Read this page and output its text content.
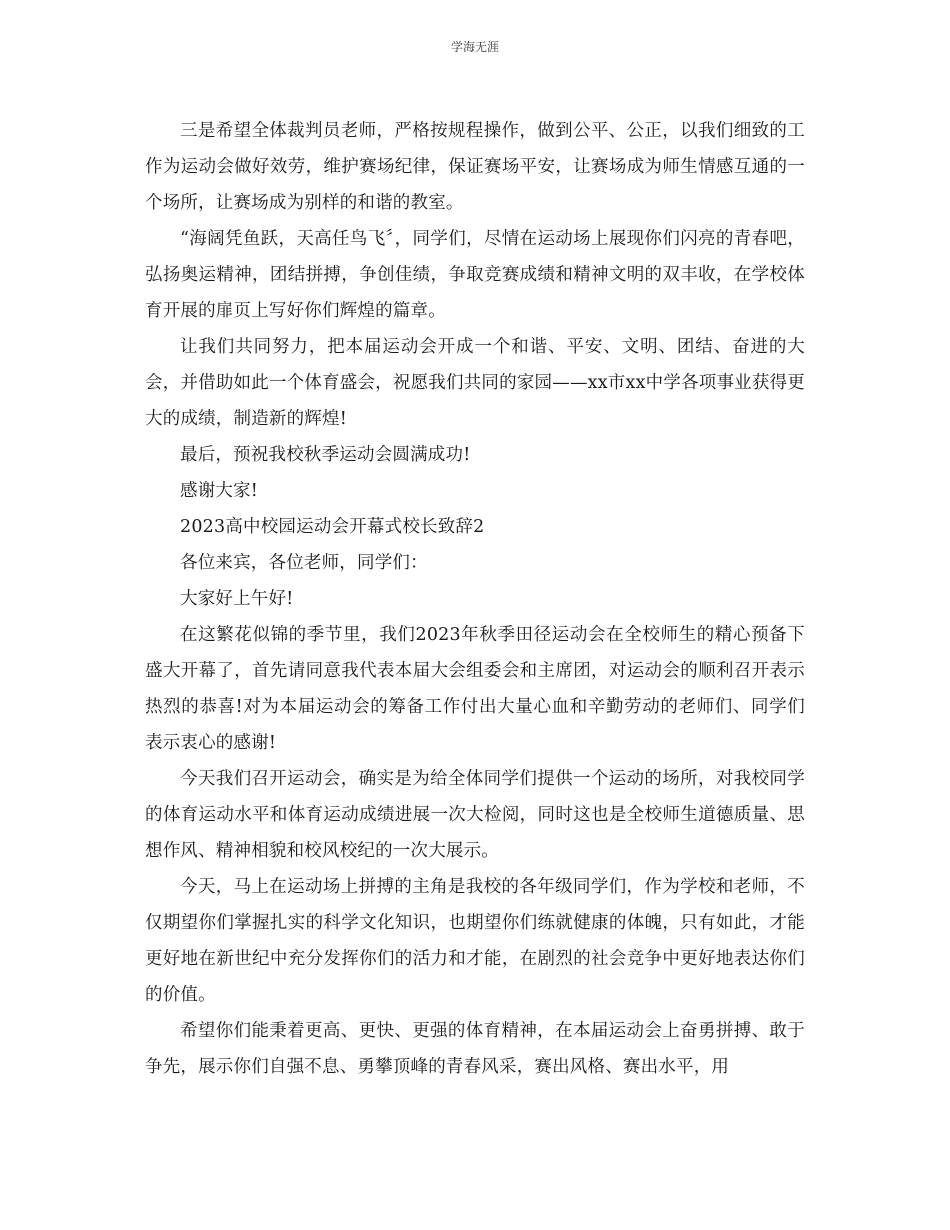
学海无涯

三是希望全体裁判员老师，严格按规程操作，做到公平、公正，以我们细致的工作为运动会做好效劳，维护赛场纪律，保证赛场平安，让赛场成为师生情感互通的一个场所，让赛场成为别样的和谐的教室。

“海阔凭鱼跃，天高任鸟飞〞，同学们，尽情在运动场上展现你们闪亮的青春吧，弘扬奥运精神，团结拼搏，争创佳绩，争取竞赛成绩和精神文明的双丰收，在学校体育开展的扉页上写好你们辉煌的篇章。

让我们共同努力，把本届运动会开成一个和谐、平安、文明、团结、奋进的大会，并借助如此一个体育盛会，祝愿我们共同的家园——xx市xx中学各项事业获得更大的成绩，制造新的辉煌!

最后，预祝我校秋季运动会圆满成功!

感谢大家!

2023高中校园运动会开幕式校长致辞2

各位来宾，各位老师，同学们：

大家好上午好!

在这繁花似锦的季节里，我们2023年秋季田径运动会在全校师生的精心预备下盛大开幕了，首先请同意我代表本届大会组委会和主席团，对运动会的顺利召开表示热烈的恭喜!对为本届运动会的筹备工作付出大量心血和辛勤劳动的老师们、同学们表示衷心的感谢!

今天我们召开运动会，确实是为给全体同学们提供一个运动的场所，对我校同学的体育运动水平和体育运动成绩进展一次大检阅，同时这也是全校师生道德质量、思想作风、精神相貌和校风校纪的一次大展示。

今天，马上在运动场上拼搏的主角是我校的各年级同学们，作为学校和老师，不仅期望你们掌握扎实的科学文化知识，也期望你们练就健康的体魄，只有如此，才能更好地在新世纪中充分发挥你们的活力和才能，在剧烈的社会竞争中更好地表达你们的价值。

希望你们能秉着更高、更快、更强的体育精神，在本届运动会上奋勇拼搏、敢于争先，展示你们自强不息、勇攀顶峰的青春风采，赛出风格、赛出水平，用
